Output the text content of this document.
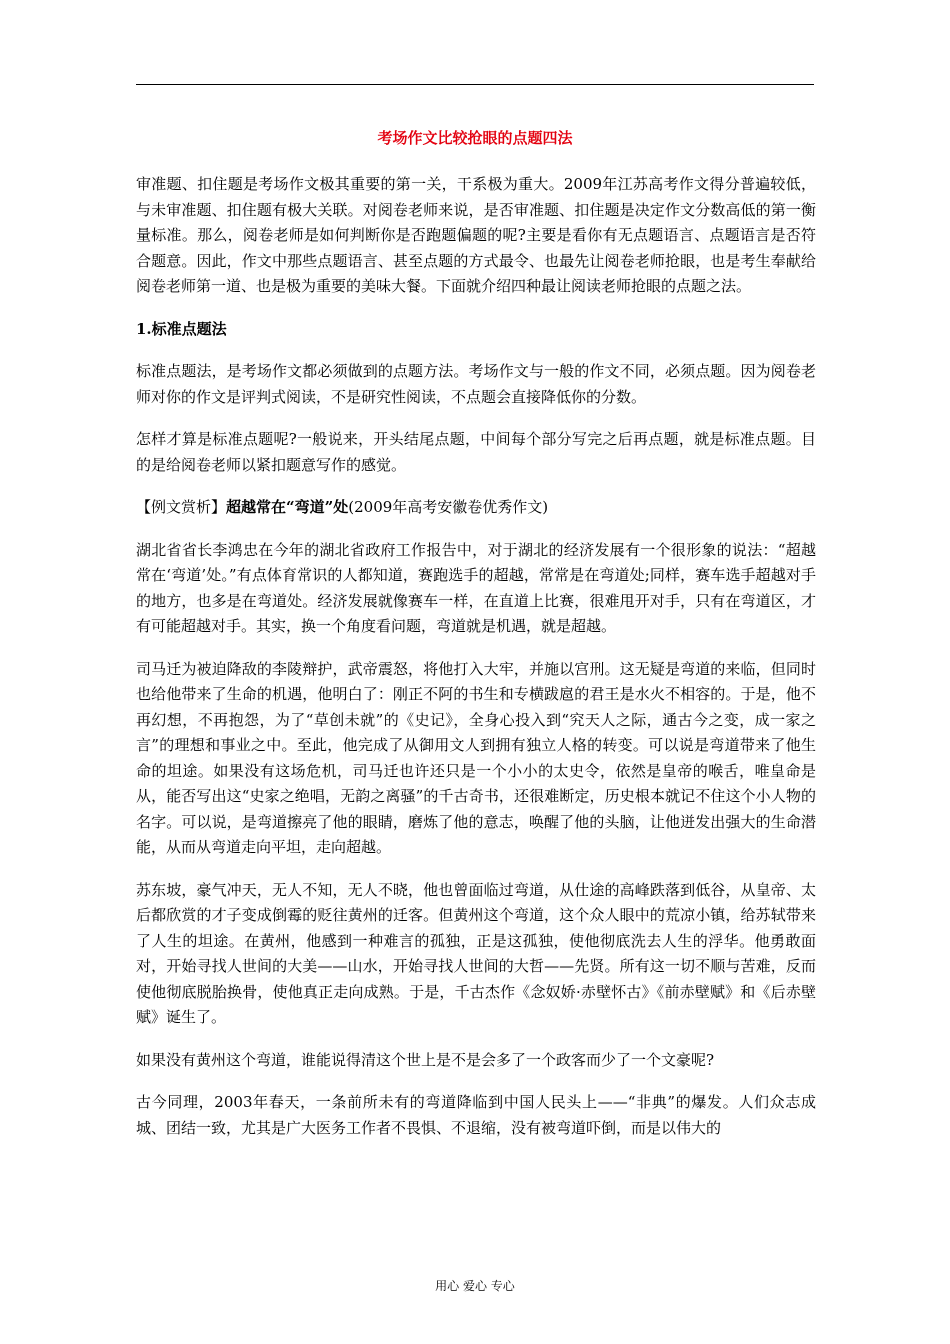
考场作文比较抢眼的点题四法

审准题、扣住题是考场作文极其重要的第一关，干系极为重大。2009年江苏高考作文得分普遍较低，与未审准题、扣住题有极大关联。对阅卷老师来说，是否审准题、扣住题是决定作文分数高低的第一衡量标准。那么，阅卷老师是如何判断你是否跑题偏题的呢?主要是看你有无点题语言、点题语言是否符合题意。因此，作文中那些点题语言、甚至点题的方式最令、也最先让阅卷老师抢眼，也是考生奉献给阅卷老师第一道、也是极为重要的美味大餐。下面就介绍四种最让阅读老师抢眼的点题之法。

1.标准点题法

标准点题法，是考场作文都必须做到的点题方法。考场作文与一般的作文不同，必须点题。因为阅卷老师对你的作文是评判式阅读，不是研究性阅读，不点题会直接降低你的分数。

怎样才算是标准点题呢?一般说来，开头结尾点题，中间每个部分写完之后再点题，就是标准点题。目的是给阅卷老师以紧扣题意写作的感觉。

【例文赏析】超越常在“弯道”处(2009年高考安徽卷优秀作文)

湖北省省长李鸿忠在今年的湖北省政府工作报告中，对于湖北的经济发展有一个很形象的说法：“超越常在‘弯道’处。”有点体育常识的人都知道，赛跑选手的超越，常常是在弯道处;同样，赛车选手超越对手的地方，也多是在弯道处。经济发展就像赛车一样，在直道上比赛，很难甩开对手，只有在弯道区，才有可能超越对手。其实，换一个角度看问题，弯道就是机遇，就是超越。

司马迁为被迫降敌的李陵辩护，武帝震怒，将他打入大牢，并施以宫刑。这无疑是弯道的来临，但同时也给他带来了生命的机遇，他明白了：刚正不阿的书生和专横跋扈的君王是水火不相容的。于是，他不再幻想，不再抱怨，为了“草创未就”的《史记》，全身心投入到“究天人之际，通古今之变，成一家之言”的理想和事业之中。至此，他完成了从御用文人到拥有独立人格的转变。可以说是弯道带来了他生命的坦途。如果没有这场危机，司马迁也许还只是一个小小的太史令，依然是皇帝的喉舌，唯皇命是从，能否写出这“史家之绝唱，无韵之离骚”的千古奇书，还很难断定，历史根本就记不住这个小人物的名字。可以说，是弯道擦亮了他的眼睛，磨炼了他的意志，唤醒了他的头脑，让他迸发出强大的生命潜能，从而从弯道走向平坦，走向超越。

苏东坡，豪气冲天，无人不知，无人不晓，他也曾面临过弯道，从仕途的高峰跌落到低谷，从皇帝、太后都欣赏的才子变成倒霉的贬往黄州的迁客。但黄州这个弯道，这个众人眼中的荒凉小镇，给苏轼带来了人生的坦途。在黄州，他感到一种难言的孤独，正是这孤独，使他彻底洗去人生的浮华。他勇敢面对，开始寻找人世间的大美——山水，开始寻找人世间的大哲——先贤。所有这一切不顺与苦难，反而使他彻底脱胎换骨，使他真正走向成熟。于是，千古杰作《念奴娇·赤壁怀古》《前赤壁赋》和《后赤壁赋》诞生了。

如果没有黄州这个弯道，谁能说得清这个世上是不是会多了一个政客而少了一个文豪呢?

古今同理，2003年春天，一条前所未有的弯道降临到中国人民头上——“非典”的爆发。人们众志成城、团结一致，尤其是广大医务工作者不畏惧、不退缩，没有被弯道吓倒，而是以伟大的

用心 爱心 专心
